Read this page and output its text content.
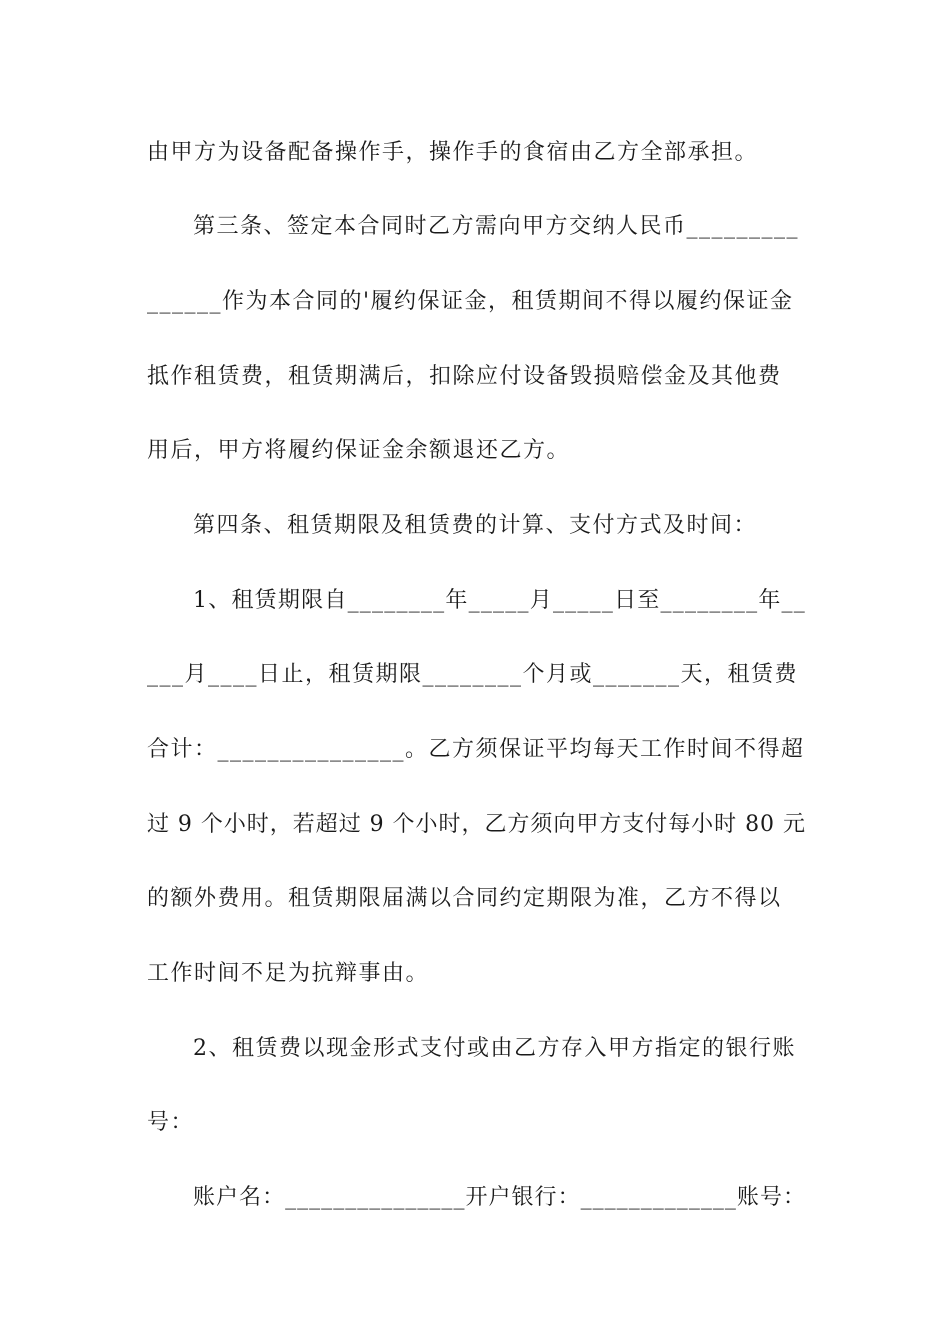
由甲方为设备配备操作手，操作手的食宿由乙方全部承担。
第三条、签定本合同时乙方需向甲方交纳人民币_________
______作为本合同的'履约保证金，租赁期间不得以履约保证金
抵作租赁费，租赁期满后，扣除应付设备毁损赔偿金及其他费
用后，甲方将履约保证金余额退还乙方。
第四条、租赁期限及租赁费的计算、支付方式及时间：
1、租赁期限自________年_____月_____日至________年__
___月____日止，租赁期限________个月或_______天，租赁费
合计：_______________。乙方须保证平均每天工作时间不得超
过 9 个小时，若超过 9 个小时，乙方须向甲方支付每小时 80 元
的额外费用。租赁期限届满以合同约定期限为准，乙方不得以
工作时间不足为抗辩事由。
2、租赁费以现金形式支付或由乙方存入甲方指定的银行账
号：
账户名：_______________开户银行：_____________账号：
